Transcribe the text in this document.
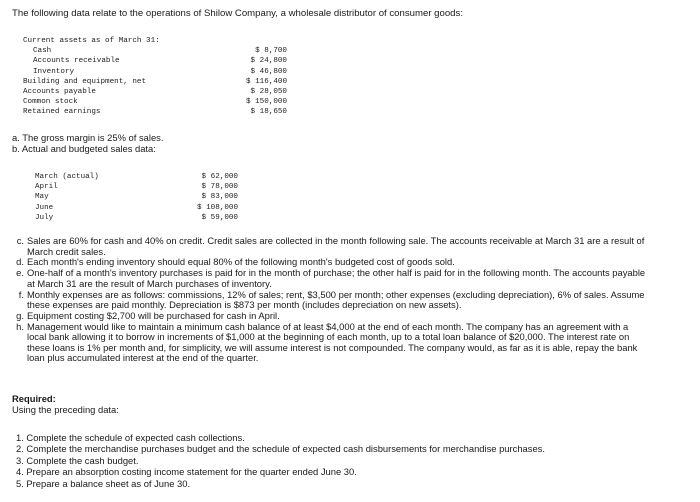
The following data relate to the operations of Shilow Company, a wholesale distributor of consumer goods:
Current assets as of March 31:
Cash	$ 8,700
Accounts receivable	$ 24,800
Inventory	$ 46,800
Building and equipment, net	$ 116,400
Accounts payable	$ 28,050
Common stock	$ 150,000
Retained earnings	$ 18,650
a. The gross margin is 25% of sales.
b. Actual and budgeted sales data:
March (actual)	$ 62,000
April	$ 78,000
May	$ 83,000
June	$ 108,000
July	$ 59,000
c. Sales are 60% for cash and 40% on credit. Credit sales are collected in the month following sale. The accounts receivable at March 31 are a result of March credit sales.
d. Each month's ending inventory should equal 80% of the following month's budgeted cost of goods sold.
e. One-half of a month's inventory purchases is paid for in the month of purchase; the other half is paid for in the following month. The accounts payable at March 31 are the result of March purchases of inventory.
f. Monthly expenses are as follows: commissions, 12% of sales; rent, $3,500 per month; other expenses (excluding depreciation), 6% of sales. Assume these expenses are paid monthly. Depreciation is $873 per month (includes depreciation on new assets).
g. Equipment costing $2,700 will be purchased for cash in April.
h. Management would like to maintain a minimum cash balance of at least $4,000 at the end of each month. The company has an agreement with a local bank allowing it to borrow in increments of $1,000 at the beginning of each month, up to a total loan balance of $20,000. The interest rate on these loans is 1% per month and, for simplicity, we will assume interest is not compounded. The company would, as far as it is able, repay the bank loan plus accumulated interest at the end of the quarter.
Required:
Using the preceding data:
1. Complete the schedule of expected cash collections.
2. Complete the merchandise purchases budget and the schedule of expected cash disbursements for merchandise purchases.
3. Complete the cash budget.
4. Prepare an absorption costing income statement for the quarter ended June 30.
5. Prepare a balance sheet as of June 30.
